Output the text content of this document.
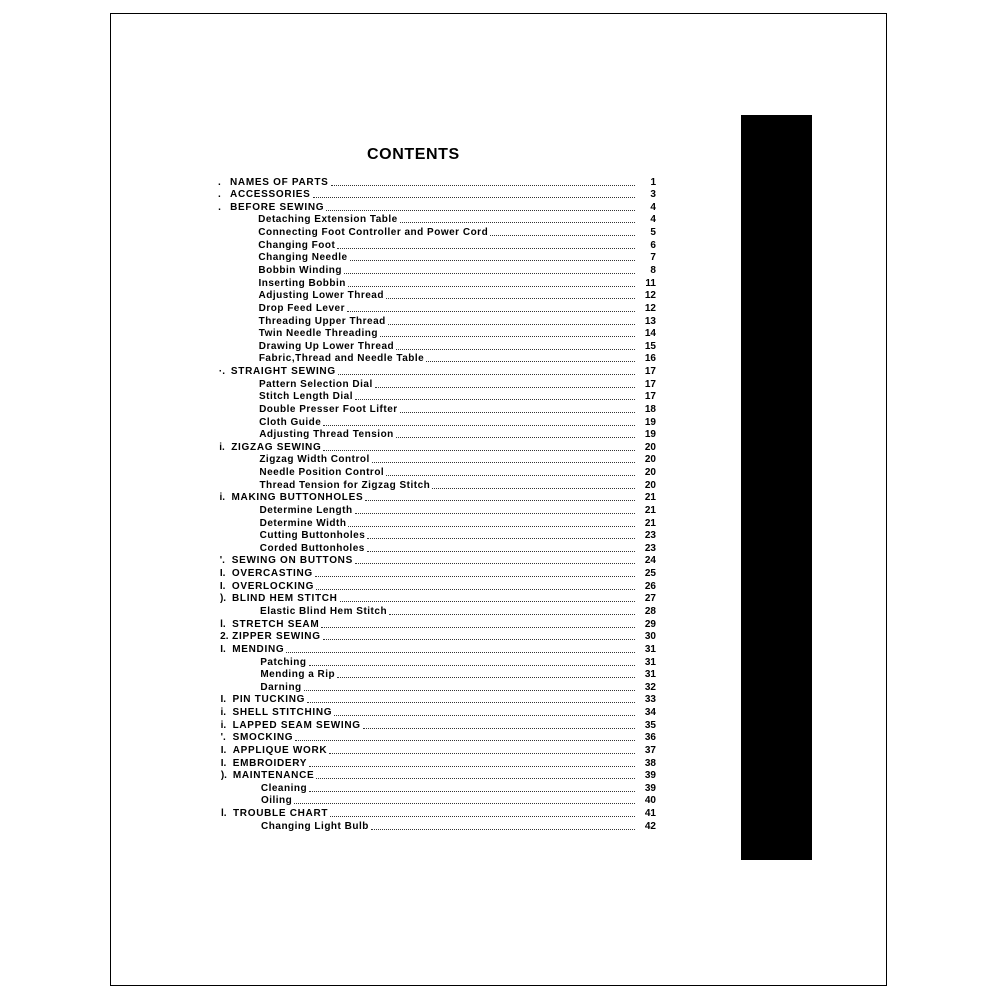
CONTENTS
. NAMES OF PARTS	1
. ACCESSORIES	3
. BEFORE SEWING	4
Detaching Extension Table	4
Connecting Foot Controller and Power Cord	5
Changing Foot	6
Changing Needle	7
Bobbin Winding	8
Inserting Bobbin	11
Adjusting Lower Thread	12
Drop Feed Lever	12
Threading Upper Thread	13
Twin Needle Threading	14
Drawing Up Lower Thread	15
Fabric,Thread and Needle Table	16
·. STRAIGHT SEWING	17
Pattern Selection Dial	17
Stitch Length Dial	17
Double Presser Foot Lifter	18
Cloth Guide	19
Adjusting Thread Tension	19
i. ZIGZAG SEWING	20
Zigzag Width Control	20
Needle Position Control	20
Thread Tension for Zigzag Stitch	20
i. MAKING BUTTONHOLES	21
Determine Length	21
Determine Width	21
Cutting Buttonholes	23
Corded Buttonholes	23
'. SEWING ON BUTTONS	24
I. OVERCASTING	25
I. OVERLOCKING	26
). BLIND HEM STITCH	27
Elastic Blind Hem Stitch	28
l. STRETCH SEAM	29
2. ZIPPER SEWING	30
I. MENDING	31
Patching	31
Mending a Rip	31
Darning	32
I. PIN TUCKING	33
i. SHELL STITCHING	34
i. LAPPED SEAM SEWING	35
'. SMOCKING	36
I. APPLIQUE WORK	37
I. EMBROIDERY	38
). MAINTENANCE	39
Cleaning	39
Oiling	40
l. TROUBLE CHART	41
Changing Light Bulb	42
